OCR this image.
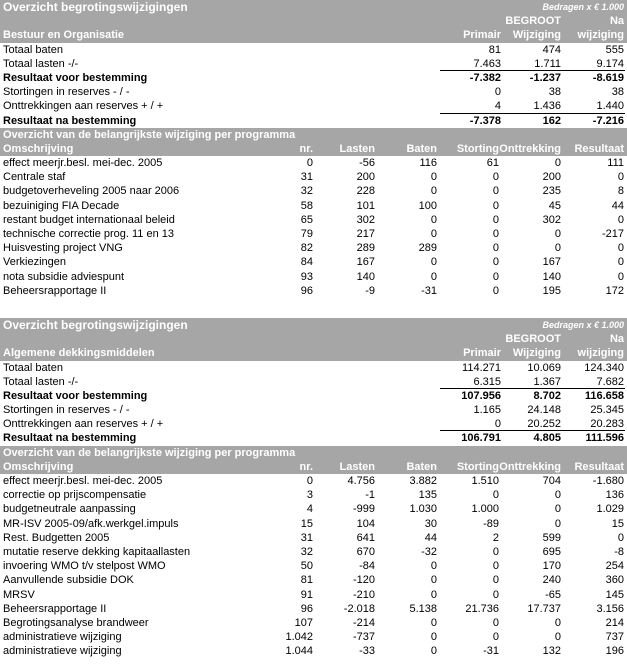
Overzicht begrotingswijzigingen	Bedragen x € 1.000
BEGROOT	Na
Bestuur en Organisatie	Primair Wijziging wijziging
Totaal baten	81	474	555
Totaal lasten -/-	7.463	1.711	9.174
Resultaat voor bestemming	-7.382	-1.237	-8.619
Stortingen in reserves - / -	0	38	38
Onttrekkingen aan reserves + / +	4	1.436	1.440
Resultaat na bestemming	-7.378	162	-7.216
Overzicht van de belangrijkste wijziging per programma
Omschrijving	nr. Lasten	Baten Storting Onttrekking Resultaat
effect meerjr.besl. mei-dec. 2005	0	-56	116	61	0	111
Centrale staf	31	200	0	0	200	0
budgetoverheveling 2005 naar 2006	32	228	0	0	235	8
bezuiniging FIA Decade	58	101	100	0	45	44
restant budget internationaal beleid	65	302	0	0	302	0
technische correctie prog. 11 en 13	79	217	0	0	0	-217
Huisvesting project VNG	82	289	289	0	0	0
Verkiezingen	84	167	0	0	167	0
nota subsidie adviespunt	93	140	0	0	140	0
Beheersrapportage II	96	-9	-31	0	195	172
Overzicht begrotingswijzigingen	Bedragen x € 1.000
BEGROOT	Na
Algemene dekkingsmiddelen	Primair Wijziging wijziging
Totaal baten	114.271 10.069 124.340
Totaal lasten -/-	6.315	1.367	7.682
Resultaat voor bestemming	107.956	8.702 116.658
Stortingen in reserves - / -	1.165 24.148	25.345
Onttrekkingen aan reserves + / +	0 20.252	20.283
Resultaat na bestemming	106.791	4.805 111.596
Overzicht van de belangrijkste wijziging per programma
Omschrijving	nr. Lasten	Baten Storting Onttrekking Resultaat
effect meerjr.besl. mei-dec. 2005	0	4.756	3.882	1.510	704	-1.680
correctie op prijscompensatie	3	-1	135	0	0	136
budgetneutrale aanpassing	4	-999	1.030	1.000	0	1.029
MR-ISV 2005-09/afk.werkgel.impuls	15	104	30	-89	0	15
Rest. Budgetten 2005	31	641	44	2	599	0
mutatie reserve dekking kapitaallasten	32	670	-32	0	695	-8
invoering WMO t/v stelpost WMO	50	-84	0	0	170	254
Aanvullende subsidie DOK	81	-120	0	0	240	360
MRSV	91	-210	0	0	-65	145
Beheersrapportage II	96	-2.018	5.138	21.736	17.737	3.156
Begrotingsanalyse brandweer	107	-214	0	0	0	214
administratieve wijziging	1.042	-737	0	0	0	737
administratieve wijziging	1.044	-33	0	-31	132	196
